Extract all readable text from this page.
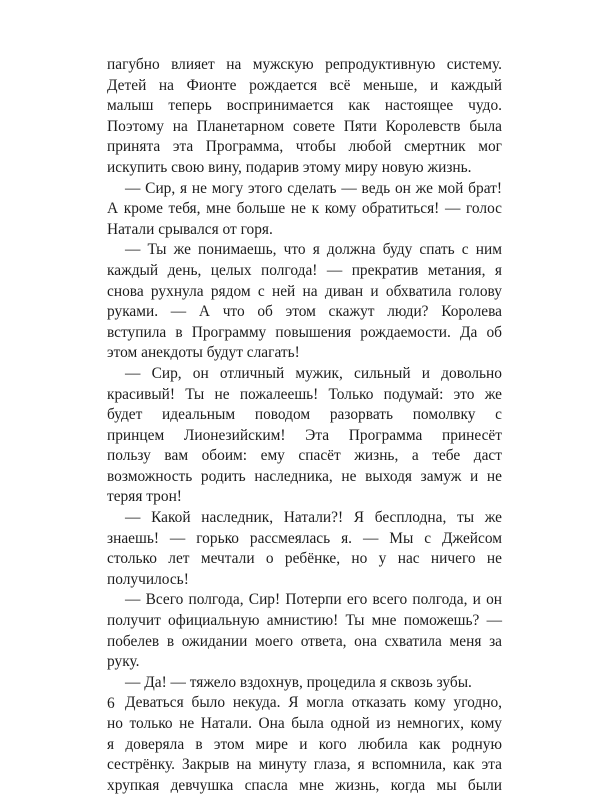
пагубно влияет на мужскую репродуктивную систему.
Детей на Фионте рождается всё меньше, и каждый
малыш теперь воспринимается как настоящее чудо.
Поэтому на Планетарном совете Пяти Королевств была
принята эта Программа, чтобы любой смертник мог
искупить свою вину, подарив этому миру новую жизнь.
— Сир, я не могу этого сделать — ведь он же мой брат!
А кроме тебя, мне больше не к кому обратиться! — голос
Натали срывался от горя.
— Ты же понимаешь, что я должна буду спать с ним
каждый день, целых полгода! — прекратив метания, я
снова рухнула рядом с ней на диван и обхватила голову
руками. — А что об этом скажут люди? Королева
вступила в Программу повышения рождаемости. Да об
этом анекдоты будут слагать!
— Сир, он отличный мужик, сильный и довольно
красивый! Ты не пожалеешь! Только подумай: это же
будет идеальным поводом разорвать помолвку с
принцем Лионезийским! Эта Программа принесёт
пользу вам обоим: ему спасёт жизнь, а тебе даст
возможность родить наследника, не выходя замуж и не
теряя трон!
— Какой наследник, Натали?! Я бесплодна, ты же
знаешь! — горько рассмеялась я. — Мы с Джейсом
столько лет мечтали о ребёнке, но у нас ничего не
получилось!
— Всего полгода, Сир! Потерпи его всего полгода, и он
получит официальную амнистию! Ты мне поможешь? —
побелев в ожидании моего ответа, она схватила меня за
руку.
— Да! — тяжело вздохнув, процедила я сквозь зубы.
Деваться было некуда. Я могла отказать кому угодно,
но только не Натали. Она была одной из немногих, кому
я доверяла в этом мире и кого любила как родную
сестрёнку. Закрыв на минуту глаза, я вспомнила, как эта
хрупкая девчушка спасла мне жизнь, когда мы были
6
